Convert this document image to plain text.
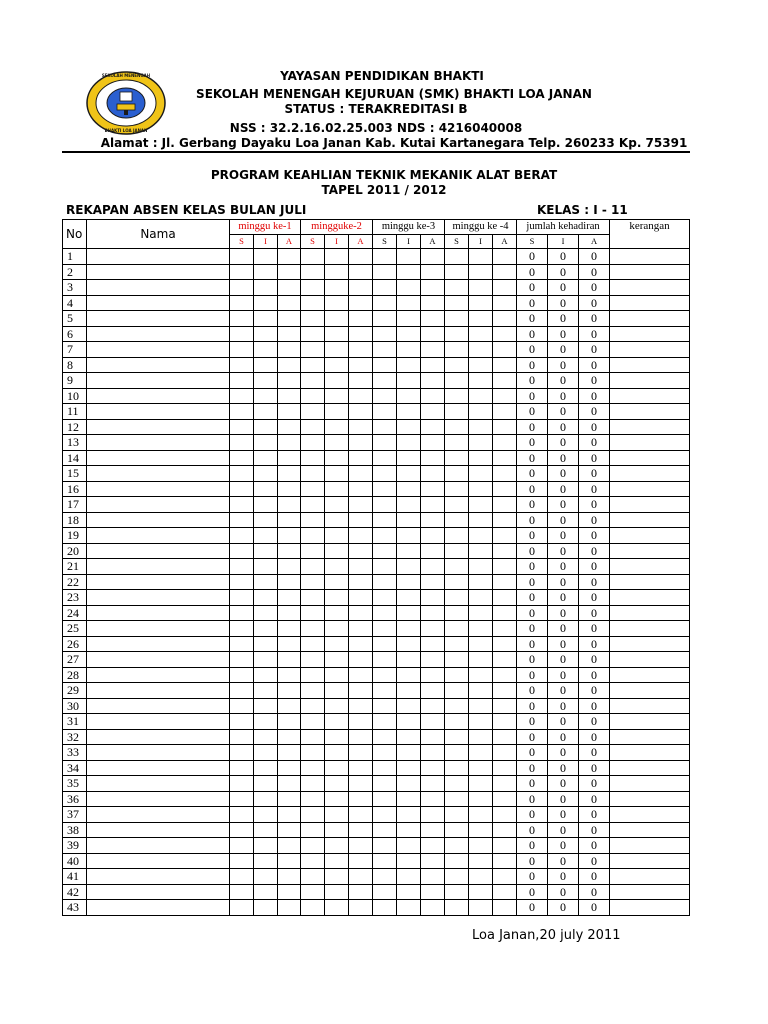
SEKOLAH MENENGAH
BHAKTI LOA JANAN
YAYASAN PENDIDIKAN BHAKTI
SEKOLAH MENENGAH KEJURUAN (SMK) BHAKTI LOA JANAN
STATUS : TERAKREDITASI B
NSS : 32.2.16.02.25.003 NDS : 4216040008
Alamat : Jl. Gerbang Dayaku Loa Janan Kab. Kutai Kartanegara Telp. 260233 Kp. 75391
PROGRAM KEAHLIAN TEKNIK MEKANIK ALAT BERAT
TAPEL 2011 / 2012
REKAPAN ABSEN KELAS BULAN JULI	KELAS : I - 11
No	Nama	minggu ke-1			mingguke-2			minggu ke-3			minggu ke -4			jumlah kehadiran			kerangan
		S	I	A	S	I	A	S	I	A	S	I	A	S	I	A	
1														0	0	0	
2														0	0	0	
3														0	0	0	
4														0	0	0	
5														0	0	0	
6														0	0	0	
7														0	0	0	
8														0	0	0	
9														0	0	0	
10														0	0	0	
11														0	0	0	
12														0	0	0	
13														0	0	0	
14														0	0	0	
15														0	0	0	
16														0	0	0	
17														0	0	0	
18														0	0	0	
19														0	0	0	
20														0	0	0	
21														0	0	0	
22														0	0	0	
23														0	0	0	
24														0	0	0	
25														0	0	0	
26														0	0	0	
27														0	0	0	
28														0	0	0	
29														0	0	0	
30														0	0	0	
31														0	0	0	
32														0	0	0	
33														0	0	0	
34														0	0	0	
35														0	0	0	
36														0	0	0	
37														0	0	0	
38														0	0	0	
39														0	0	0	
40														0	0	0	
41														0	0	0	
42														0	0	0	
43														0	0	0	
Loa Janan,20 july 2011
